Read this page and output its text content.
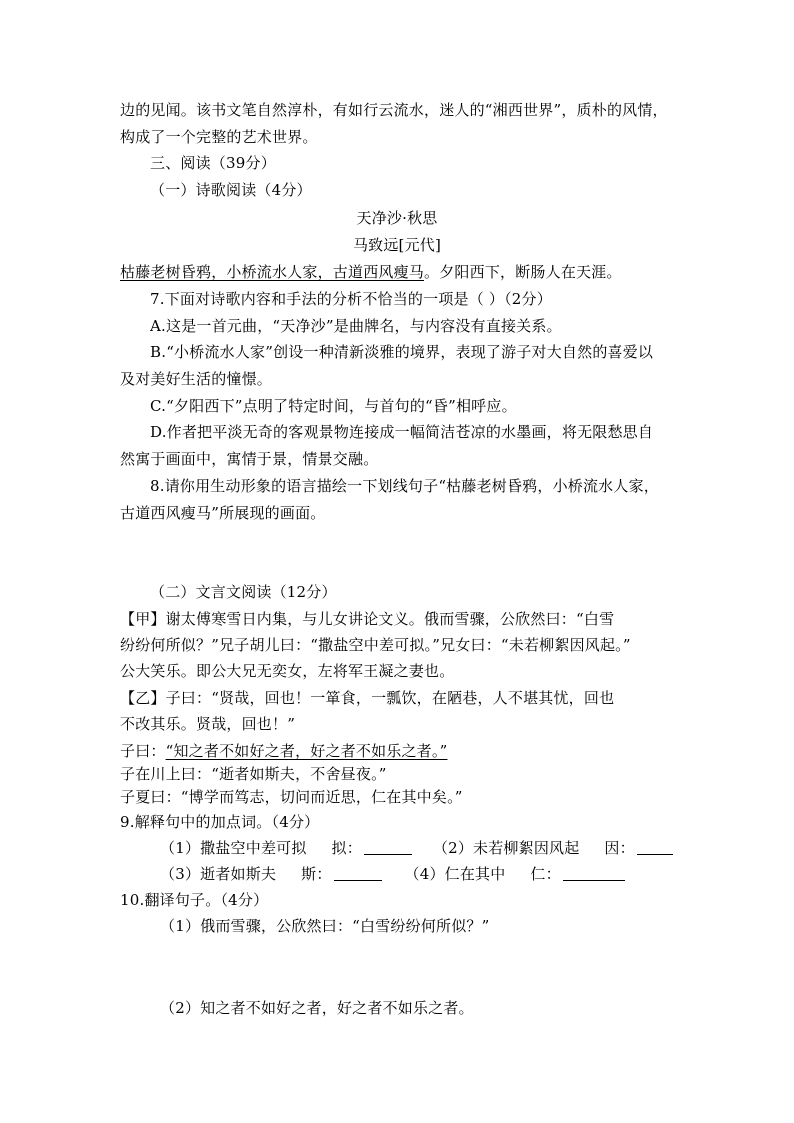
边的见闻。该书文笔自然淳朴，有如行云流水，迷人的“湘西世界”，质朴的风情，
构成了一个完整的艺术世界。
三、阅读（39分）
（一）诗歌阅读（4分）
天净沙·秋思
马致远[元代]
枯藤老树昏鸦，小桥流水人家，古道西风瘦马。夕阳西下，断肠人在天涯。
7.下面对诗歌内容和手法的分析不恰当的一项是（ ）（2分）
A.这是一首元曲，“天净沙”是曲牌名，与内容没有直接关系。
B.“小桥流水人家”创设一种清新淡雅的境界，表现了游子对大自然的喜爱以
及对美好生活的憧憬。
C.“夕阳西下”点明了特定时间，与首句的“昏”相呼应。
D.作者把平淡无奇的客观景物连接成一幅简洁苍凉的水墨画，将无限愁思自
然寓于画面中，寓情于景，情景交融。
8.请你用生动形象的语言描绘一下划线句子“枯藤老树昏鸦，小桥流水人家，
古道西风瘦马”所展现的画面。
（二）文言文阅读（12分）
【甲】谢太傅寒雪日内集，与儿女讲论文义。俄而雪骤，公欣然曰：“白雪
纷纷何所似？”兄子胡儿曰：“撒盐空中差可拟。”兄女曰：“未若柳絮因风起。”
公大笑乐。即公大兄无奕女，左将军王凝之妻也。
【乙】子曰：“贤哉，回也！一箪食，一瓢饮，在陋巷，人不堪其忧，回也
不改其乐。贤哉，回也！”
子曰：“知之者不如好之者，好之者不如乐之者。”
子在川上曰：“逝者如斯夫，不舍昼夜。”
子夏曰：“博学而笃志，切问而近思，仁在其中矣。”
9.解释句中的加点词。（4分）
（1）撒盐空中差可拟 拟：	（2）未若柳絮因风起 因：
（3）逝者如斯夫 斯：	（4）仁在其中 仁：
10.翻译句子。（4分）
（1）俄而雪骤，公欣然曰：“白雪纷纷何所似？”
（2）知之者不如好之者，好之者不如乐之者。
